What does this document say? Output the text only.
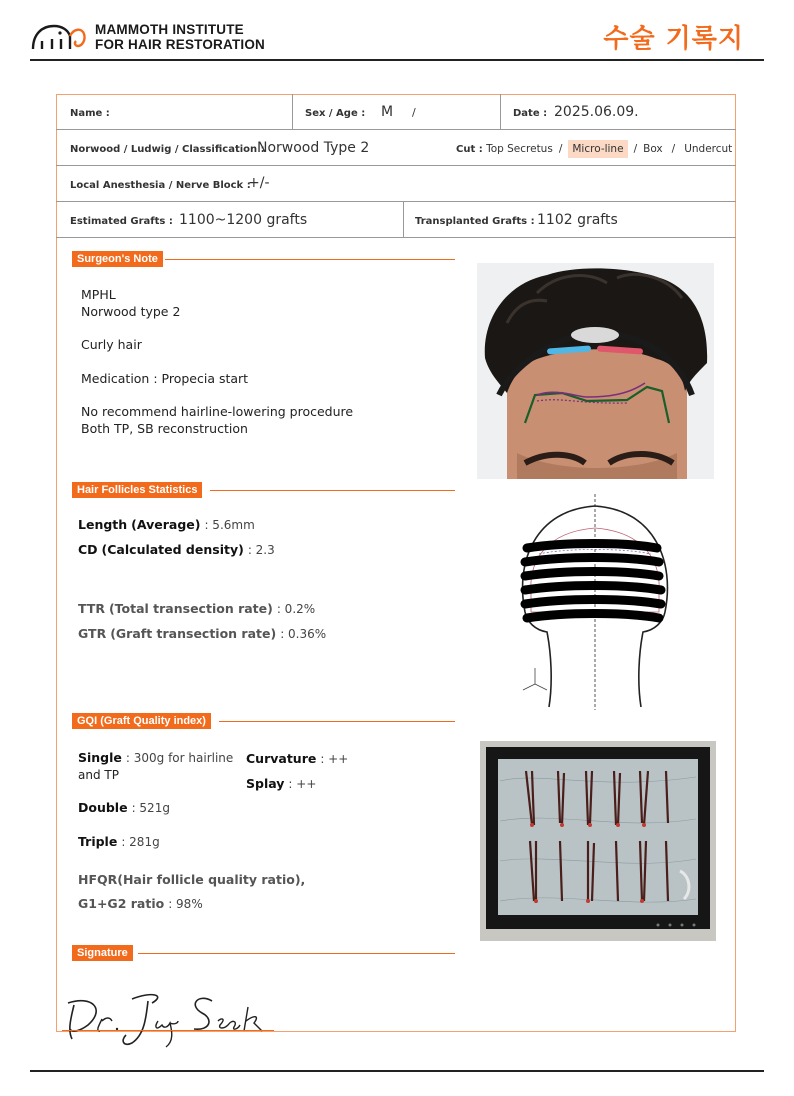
MAMMOTH INSTITUTE
FOR HAIR RESTORATION	수술 기록지
Name :	Sex / Age : M /	Date : 2025.06.09.
Norwood / Ludwig / Classification :
Norwood Type 2	Cut : Top Secretus / Micro-line / Box / Undercut
Local Anesthesia / Nerve Block :
+/-
Estimated Grafts : 1100~1200 grafts	Transplanted Grafts : 1102 grafts
Surgeon's Note
MPHL
Norwood type 2
Curly hair
Medication : Propecia start
No recommend hairline-lowering procedure
Both TP, SB reconstruction
Hair Follicles Statistics
Length (Average) : 5.6mm
CD (Calculated density) : 2.3
TTR (Total transection rate) : 0.2%
GTR (Graft transection rate) : 0.36%
GQI (Graft Quality index)
Single : 300g for hairline
and TP
Curvature : ++
Splay : ++
Double : 521g
Triple : 281g
HFQR(Hair follicle quality ratio),
G1+G2 ratio : 98%
Signature
